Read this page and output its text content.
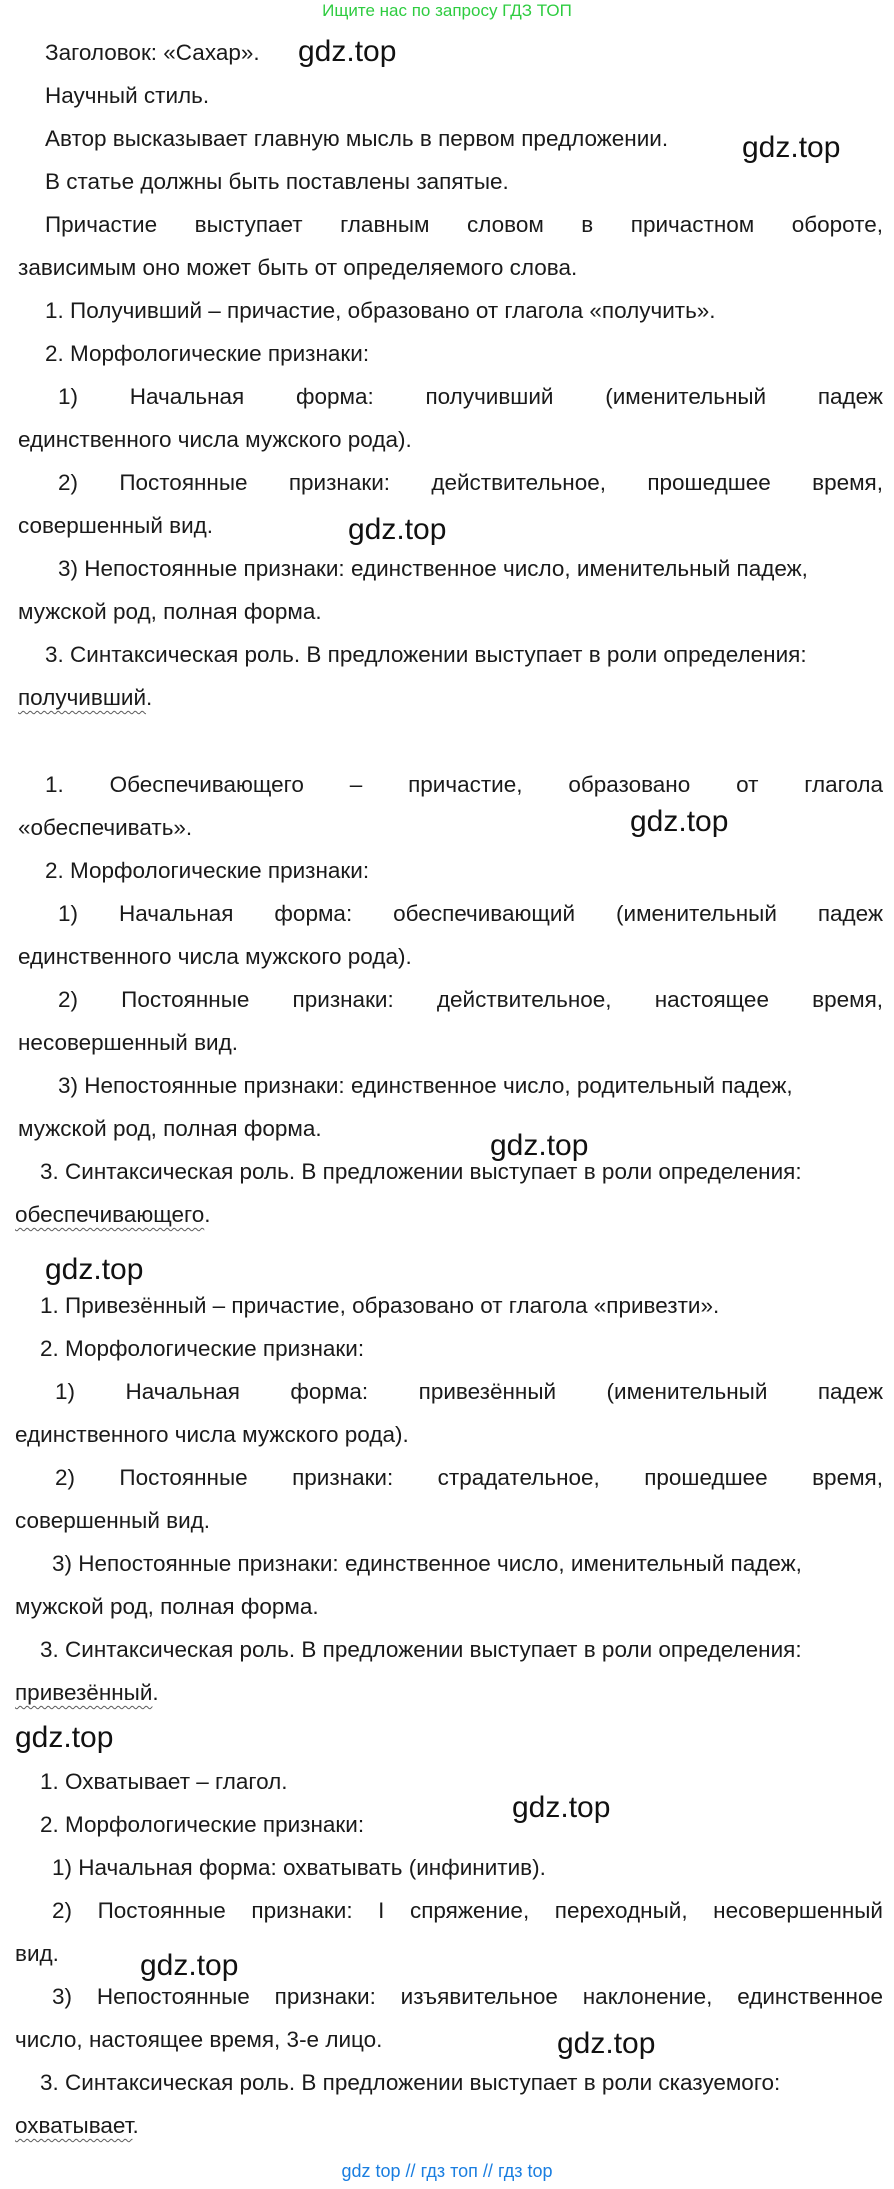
Ищите нас по запросу ГДЗ ТОП
Заголовок: «Сахар».
Научный стиль.
Автор высказывает главную мысль в первом предложении.
В статье должны быть поставлены запятые.
Причастие выступает главным словом в причастном обороте,
зависимым оно может быть от определяемого слова.
1. Получивший – причастие, образовано от глагола «получить».
2. Морфологические признаки:
1) Начальная форма: получивший (именительный падеж
единственного числа мужского рода).
2) Постоянные признаки: действительное, прошедшее время,
совершенный вид.
3) Непостоянные признаки: единственное число, именительный падеж,
мужской род, полная форма.
3. Синтаксическая роль. В предложении выступает в роли определения:
получивший.
1. Обеспечивающего – причастие, образовано от глагола
«обеспечивать».
2. Морфологические признаки:
1) Начальная форма: обеспечивающий (именительный падеж
единственного числа мужского рода).
2) Постоянные признаки: действительное, настоящее время,
несовершенный вид.
3) Непостоянные признаки: единственное число, родительный падеж,
мужской род, полная форма.
3. Синтаксическая роль. В предложении выступает в роли определения:
обеспечивающего.
1. Привезённый – причастие, образовано от глагола «привезти».
2. Морфологические признаки:
1) Начальная форма: привезённый (именительный падеж
единственного числа мужского рода).
2) Постоянные признаки: страдательное, прошедшее время,
совершенный вид.
3) Непостоянные признаки: единственное число, именительный падеж,
мужской род, полная форма.
3. Синтаксическая роль. В предложении выступает в роли определения:
привезённый.
1. Охватывает – глагол.
2. Морфологические признаки:
1) Начальная форма: охватывать (инфинитив).
2) Постоянные признаки: I спряжение, переходный, несовершенный
вид.
3) Непостоянные признаки: изъявительное наклонение, единственное
число, настоящее время, 3-е лицо.
3. Синтаксическая роль. В предложении выступает в роли сказуемого:
охватывает.
gdz.top
gdz.top
gdz.top
gdz.top
gdz.top
gdz.top
gdz.top
gdz.top
gdz.top
gdz.top
gdz top // гдз топ // гдз top
